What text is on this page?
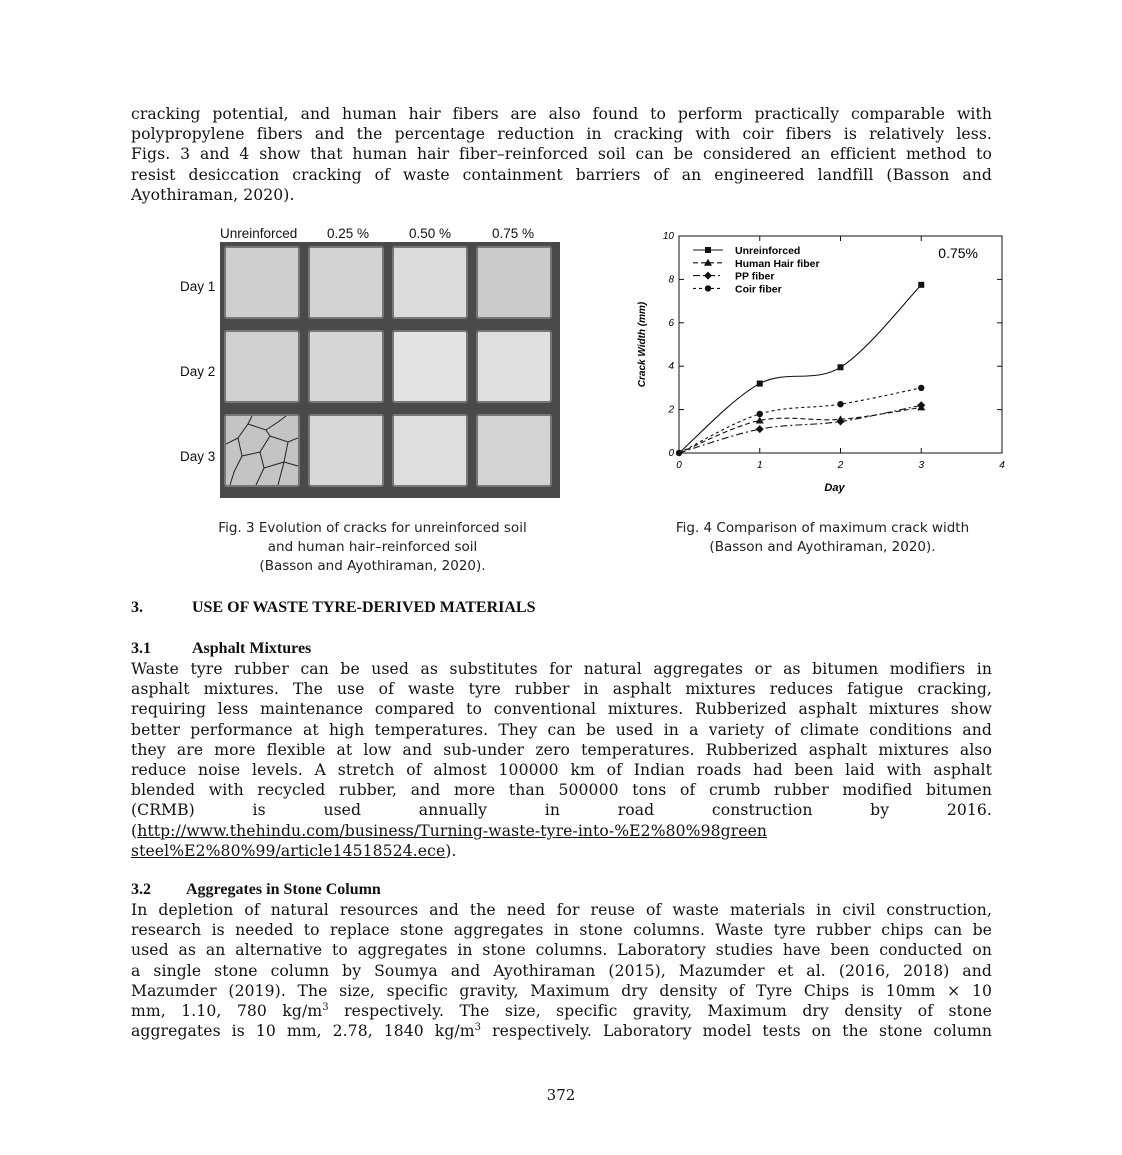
cracking potential, and human hair fibers are also found to perform practically comparable with
polypropylene fibers and the percentage reduction in cracking with coir fibers is relatively less.
Figs. 3 and 4 show that human hair fiber–reinforced soil can be considered an efficient method to
resist desiccation cracking of waste containment barriers of an engineered landfill (Basson and
Ayothiraman, 2020).
Unreinforced 0.25 %	0.50 %	0.75 %
Day 1
Day 2
Day 3
0	1	2	3	4
0
2
4
6
8
10
Day
Crack Width (mm)
0.75%
Unreinforced
Human Hair fiber
PP fiber
Coir fiber
Fig. 3 Evolution of cracks for unreinforced soil
and human hair–reinforced soil
(Basson and Ayothiraman, 2020).
Fig. 4 Comparison of maximum crack width
(Basson and Ayothiraman, 2020).
3.	USE OF WASTE TYRE-DERIVED MATERIALS
3.1	Asphalt Mixtures
Waste tyre rubber can be used as substitutes for natural aggregates or as bitumen modifiers in
asphalt mixtures. The use of waste tyre rubber in asphalt mixtures reduces fatigue cracking,
requiring less maintenance compared to conventional mixtures. Rubberized asphalt mixtures show
better performance at high temperatures. They can be used in a variety of climate conditions and
they are more flexible at low and sub-under zero temperatures. Rubberized asphalt mixtures also
reduce noise levels. A stretch of almost 100000 km of Indian roads had been laid with asphalt
blended with recycled rubber, and more than 500000 tons of crumb rubber modified bitumen
(CRMB) is used annually in road construction by 2016.
(http://www.thehindu.com/business/Turning-waste-tyre-into-%E2%80%98green
steel%E2%80%99/article14518524.ece).
3.2 Aggregates in Stone Column
In depletion of natural resources and the need for reuse of waste materials in civil construction,
research is needed to replace stone aggregates in stone columns. Waste tyre rubber chips can be
used as an alternative to aggregates in stone columns. Laboratory studies have been conducted on
a single stone column by Soumya and Ayothiraman (2015), Mazumder et al. (2016, 2018) and
Mazumder (2019). The size, specific gravity, Maximum dry density of Tyre Chips is 10mm × 10
mm, 1.10, 780 $kg/m^3$ respectively. The size, specific gravity, Maximum dry density of stone
aggregates is 10 mm, 2.78, 1840 $kg/m^3$ respectively. Laboratory model tests on the stone column
372
